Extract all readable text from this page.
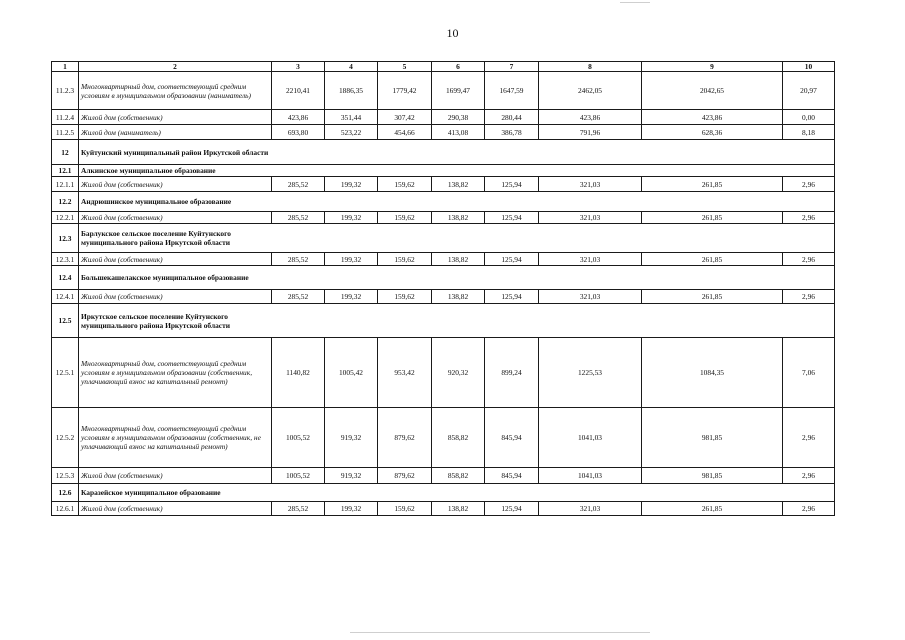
10
1	2	3	4	5	6	7	8	9	10
11.2.3	Многоквартирный дом, соответствующий средним условиям в муниципальном образовании (наниматель)	2210,41	1886,35	1779,42	1699,47	1647,59	2462,05	2042,65	20,97
11.2.4	Жилой дом (собственник)	423,86	351,44	307,42	290,38	280,44	423,86	423,86	0,00
11.2.5	Жилой дом (наниматель)	693,80	523,22	454,66	413,08	386,78	791,96	628,36	8,18
12	Куйтунский муниципальный район Иркутской области								

12.1	Алкинское муниципальное образование								

12.1.1	Жилой дом (собственник)	285,52	199,32	159,62	138,82	125,94	321,03	261,85	2,96
12.2	Андрюшинское муниципальное образование								

12.2.1	Жилой дом (собственник)	285,52	199,32	159,62	138,82	125,94	321,03	261,85	2,96
12.3	Барлукское сельское поселение Куйтунского муниципального района Иркутской области								

12.3.1	Жилой дом (собственник)	285,52	199,32	159,62	138,82	125,94	321,03	261,85	2,96
12.4	Большекашелакское муниципальное образование								

12.4.1	Жилой дом (собственник)	285,52	199,32	159,62	138,82	125,94	321,03	261,85	2,96
12.5	Иркутское сельское поселение Куйтунского муниципального района Иркутской области								

12.5.1	Многоквартирный дом, соответствующий средним условиям в муниципальном образовании (собственник, уплачивающий взнос на капитальный ремонт)	1140,82	1005,42	953,42	920,32	899,24	1225,53	1084,35	7,06
12.5.2	Многоквартирный дом, соответствующий средним условиям в муниципальном образовании (собственник, не уплачивающий взнос на капитальный ремонт)	1005,52	919,32	879,62	858,82	845,94	1041,03	981,85	2,96
12.5.3	Жилой дом (собственник)	1005,52	919,32	879,62	858,82	845,94	1041,03	981,85	2,96
12.6	Каразейское муниципальное образование								

12.6.1	Жилой дом (собственник)	285,52	199,32	159,62	138,82	125,94	321,03	261,85	2,96
